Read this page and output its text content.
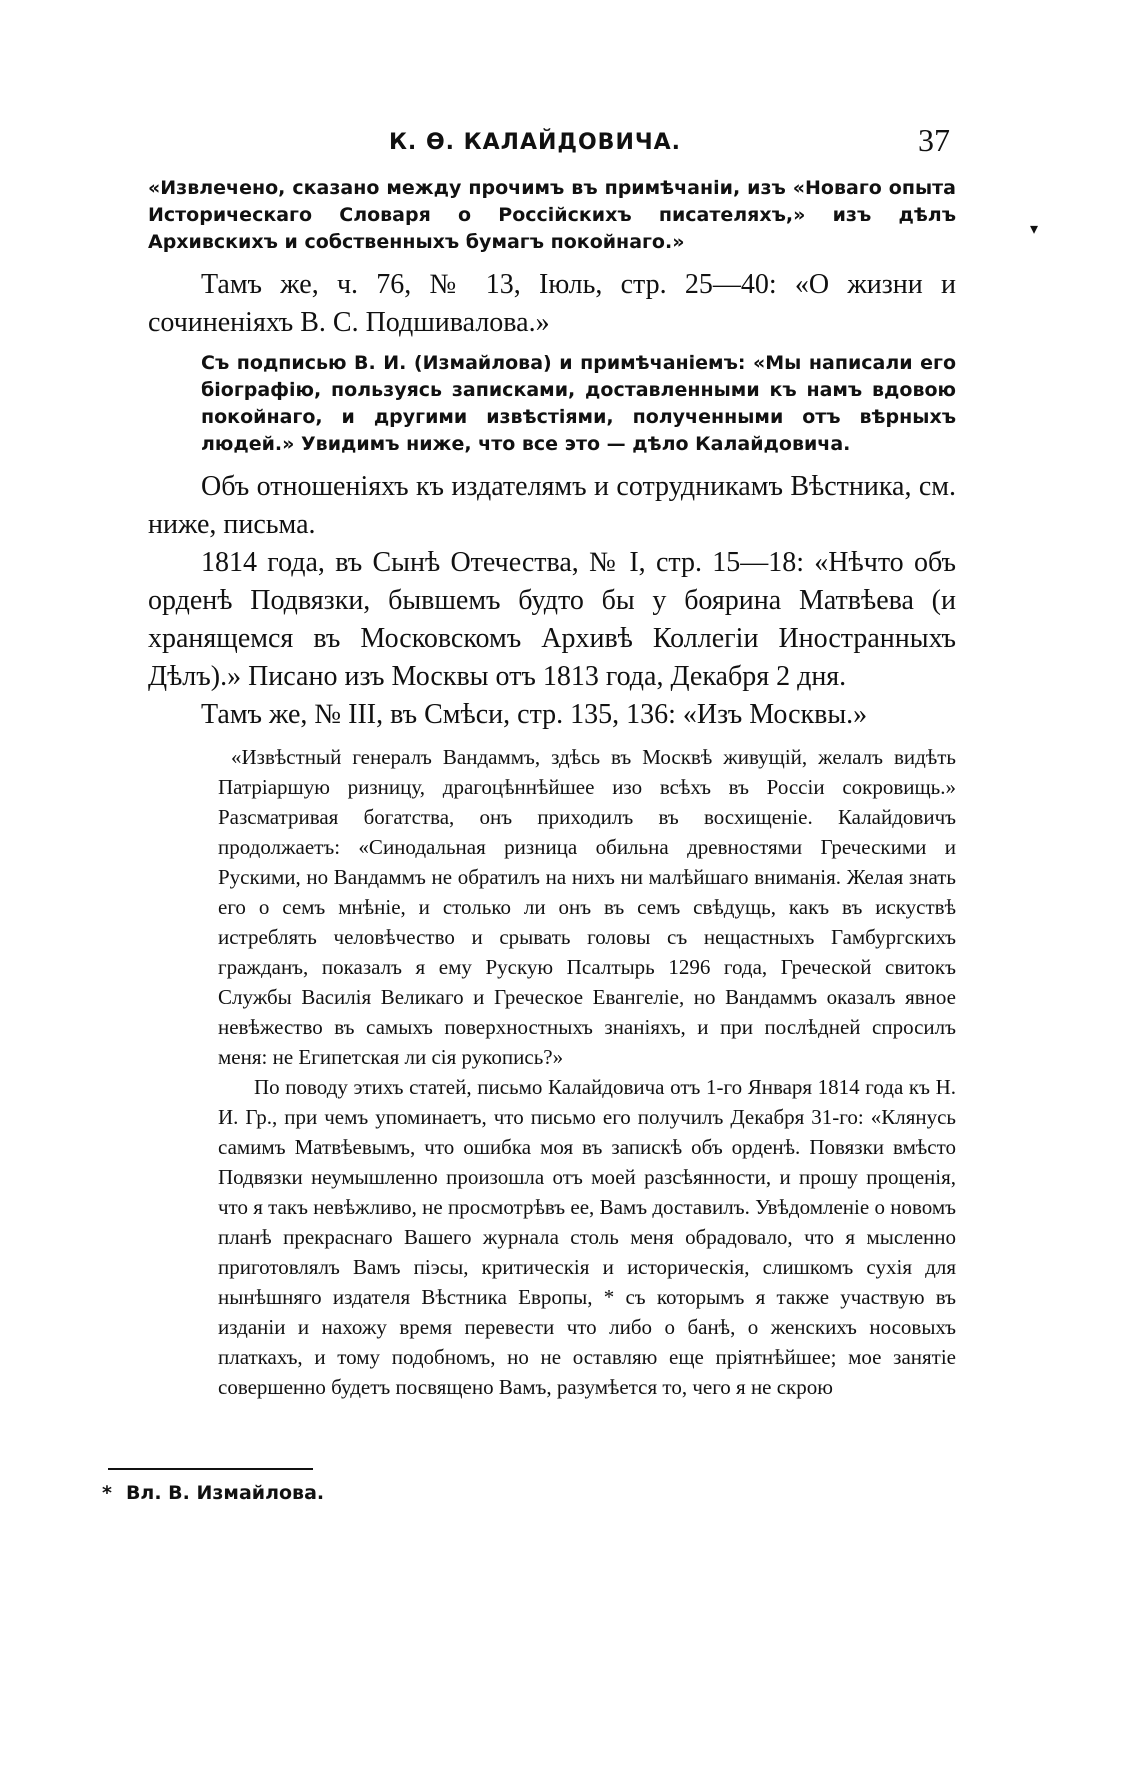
К. Ө. КАЛАЙДОВИЧА.	37

«Извлечено, сказано между прочимъ въ примѣчаніи, изъ «Новаго опыта Историческаго Словаря о Россійскихъ писателяхъ,» изъ дѣлъ Архивскихъ и собственныхъ бумагъ покойнаго.»

Тамъ же, ч. 76, № 13, Іюль, стр. 25—40: «О жизни и сочиненіяхъ В. С. Подшивалова.»

Съ подписью В. И. (Измайлова) и примѣчаніемъ: «Мы написали его біографію, пользуясь записками, доставленными къ намъ вдовою покойнаго, и другими извѣстіями, полученными отъ вѣрныхъ людей.» Увидимъ ниже, что все это — дѣло Калайдовича.

Объ отношеніяхъ къ издателямъ и сотрудникамъ Вѣстника, см. ниже, письма.

1814 года, въ Сынѣ Отечества, № I, стр. 15—18: «Нѣчто объ орденѣ Подвязки, бывшемъ будто бы у боярина Матвѣева (и хранящемся въ Московскомъ Архивѣ Коллегіи Иностранныхъ Дѣлъ).» Писано изъ Москвы отъ 1813 года, Декабря 2 дня.

Тамъ же, № III, въ Смѣси, стр. 135, 136: «Изъ Москвы.»

«Извѣстный генералъ Вандаммъ, здѣсь въ Москвѣ живущій, желалъ видѣть Патріаршую ризницу, драгоцѣннѣйшее изо всѣхъ въ Россіи сокровищь.» Разсматривая богатства, онъ приходилъ въ восхищеніе. Калайдовичъ продолжаетъ: «Синодальная ризница обильна древностями Греческими и Рускими, но Вандаммъ не обратилъ на нихъ ни малѣйшаго вниманія. Желая знать его о семъ мнѣніе, и столько ли онъ въ семъ свѣдущь, какъ въ искуствѣ истреблять человѣчество и срывать головы съ нещастныхъ Гамбургскихъ гражданъ, показалъ я ему Рускую Псалтырь 1296 года, Греческой свитокъ Службы Василія Великаго и Греческое Евангеліе, но Вандаммъ оказалъ явное невѣжество въ самыхъ поверхностныхъ знаніяхъ, и при послѣдней спросилъ меня: не Египетская ли сія рукопись?»

По поводу этихъ статей, письмо Калайдовича отъ 1-го Января 1814 года къ Н. И. Гр., при чемъ упоминаетъ, что письмо его получилъ Декабря 31-го: «Клянусь самимъ Матвѣевымъ, что ошибка моя въ запискѣ объ орденѣ. Повязки вмѣсто Подвязки неумышленно произошла отъ моей разсѣянности, и прошу прощенія, что я такъ невѣжливо, не просмотрѣвъ ее, Вамъ доставилъ. Увѣдомленіе о новомъ планѣ прекраснаго Вашего журнала столь меня обрадовало, что я мысленно приготовлялъ Вамъ піэсы, критическія и историческія, слишкомъ сухія для нынѣшняго издателя Вѣстника Европы, * съ которымъ я также участвую въ изданіи и нахожу время перевести что либо о банѣ, о женскихъ носовыхъ платкахъ, и тому подобномъ, но не оставляю еще пріятнѣйшее; мое занятіе совершенно будетъ посвящено Вамъ, разумѣется то, чего я не скрою

* Вл. В. Измайлова.
▾
